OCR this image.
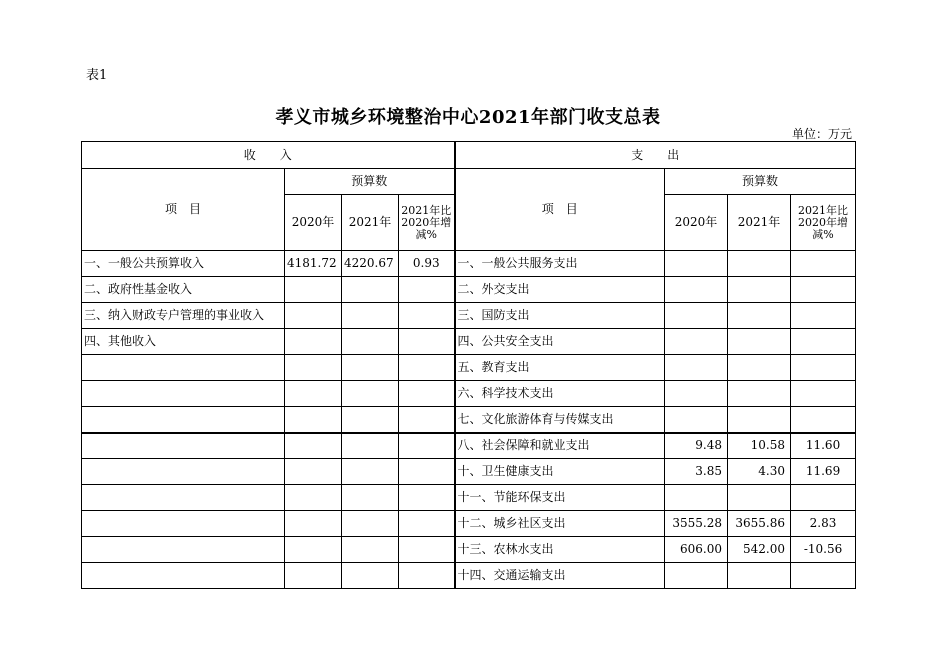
表1
孝义市城乡环境整治中心2021年部门收支总表
单位：万元
收　　入				支　　出			
项　目	预算数			项　目	预算数		
	2020年	2021年	2021年比2020年增减%		2020年	2021年	2021年比2020年增减%
一、一般公共预算收入	4181.72	4220.67	0.93	一、一般公共服务支出			
二、政府性基金收入				二、外交支出			
三、纳入财政专户管理的事业收入				三、国防支出			
四、其他收入				四、公共安全支出			
				五、教育支出			
				六、科学技术支出			
				七、文化旅游体育与传媒支出			
				八、社会保障和就业支出	9.48	10.58	11.60
				十、卫生健康支出	3.85	4.30	11.69
				十一、节能环保支出			
				十二、城乡社区支出	3555.28	3655.86	2.83
				十三、农林水支出	606.00	542.00	-10.56
				十四、交通运输支出			
